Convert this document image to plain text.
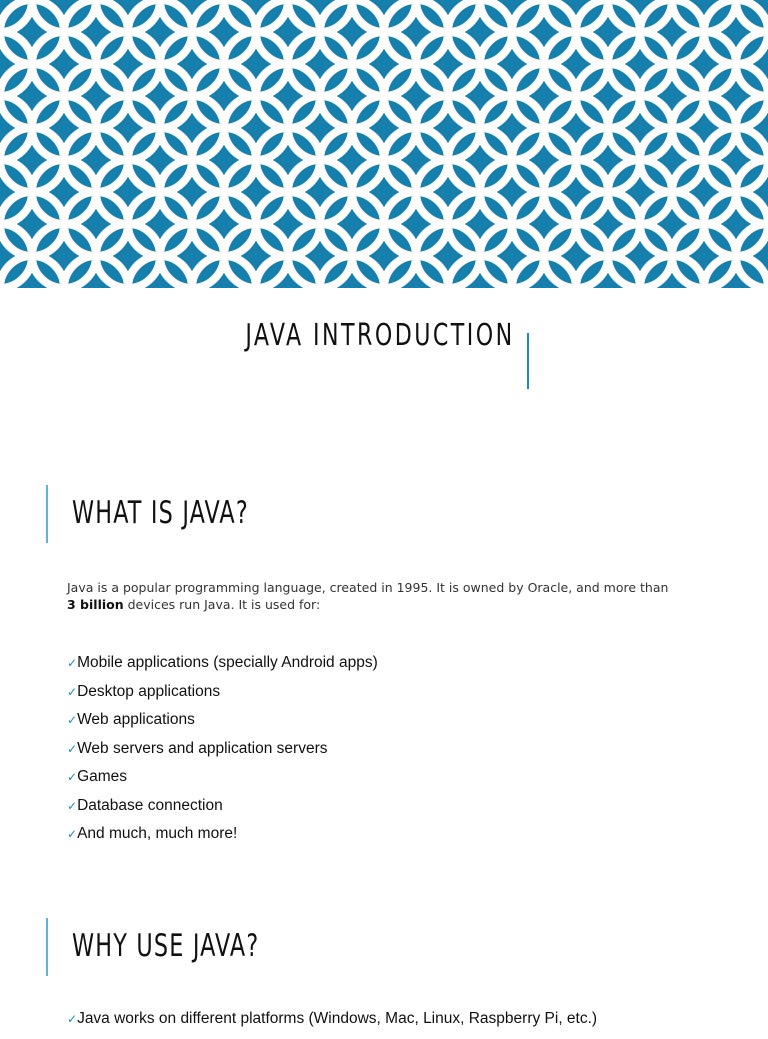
JAVA INTRODUCTION
WHAT IS JAVA?

Java is a popular programming language, created in 1995. It is owned by Oracle, and more than 3 billion devices run Java. It is used for:

✓Mobile applications (specially Android apps)
✓Desktop applications
✓Web applications
✓Web servers and application servers
✓Games
✓Database connection
✓And much, much more!
WHY USE JAVA?
✓Java works on different platforms (Windows, Mac, Linux, Raspberry Pi, etc.)
